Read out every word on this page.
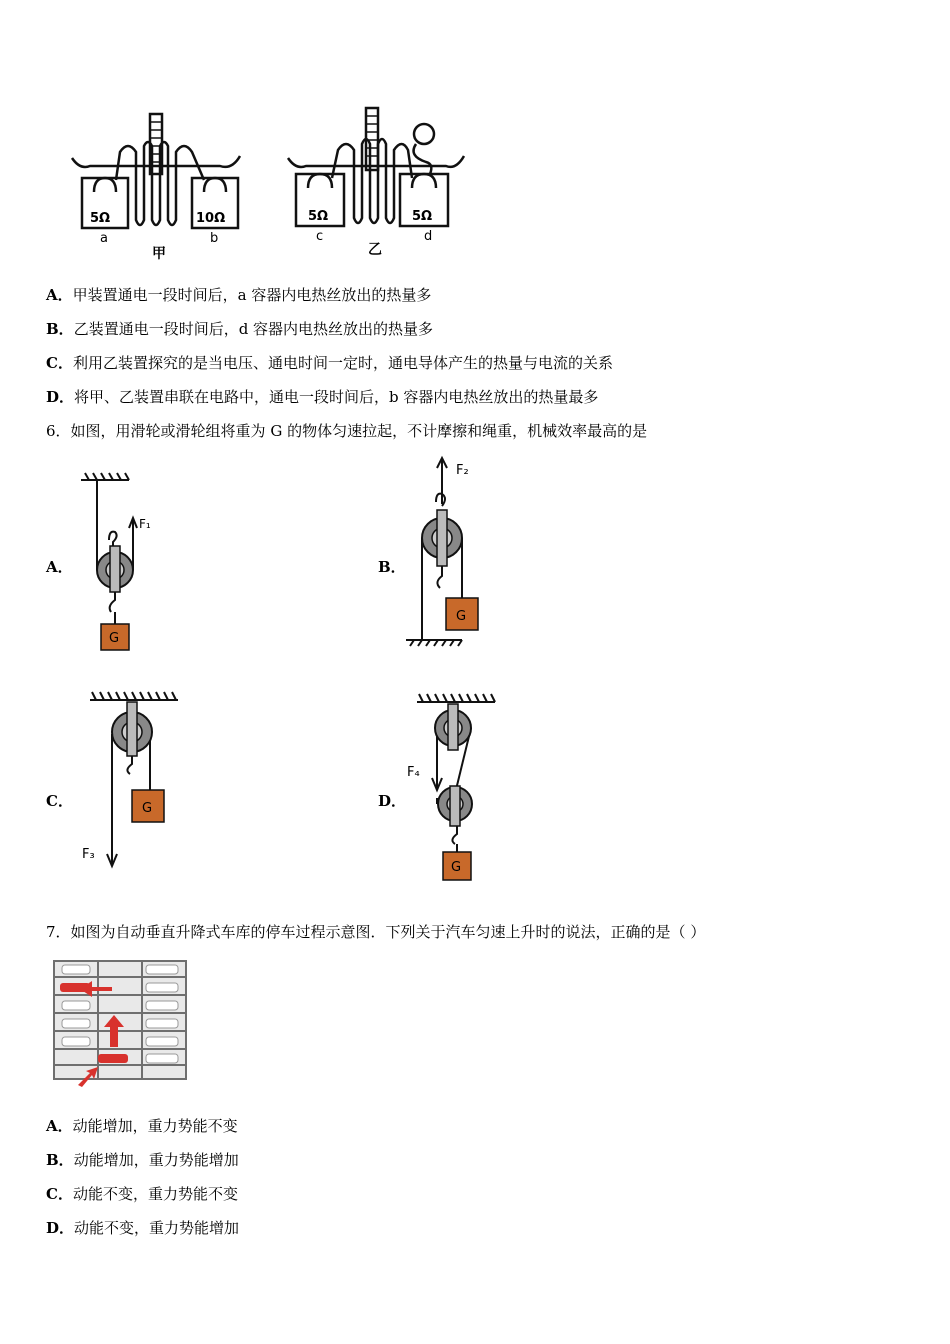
5Ω	10Ω
a	b
甲
5Ω	5Ω
c	d
乙
A．甲装置通电一段时间后，a 容器内电热丝放出的热量多
B．乙装置通电一段时间后，d 容器内电热丝放出的热量多
C．利用乙装置探究的是当电压、通电时间一定时，通电导体产生的热量与电流的关系
D．将甲、乙装置串联在电路中，通电一段时间后，b 容器内电热丝放出的热量最多
6．如图，用滑轮或滑轮组将重为 G 的物体匀速拉起，不计摩擦和绳重，机械效率最高的是
A．
G
F₁
B．
G
F₂
C．	G
F₃
D．
G
F₄
7．如图为自动垂直升降式车库的停车过程示意图．下列关于汽车匀速上升时的说法，正确的是（ ）
A．动能增加，重力势能不变
B．动能增加，重力势能增加
C．动能不变，重力势能不变
D．动能不变，重力势能增加
